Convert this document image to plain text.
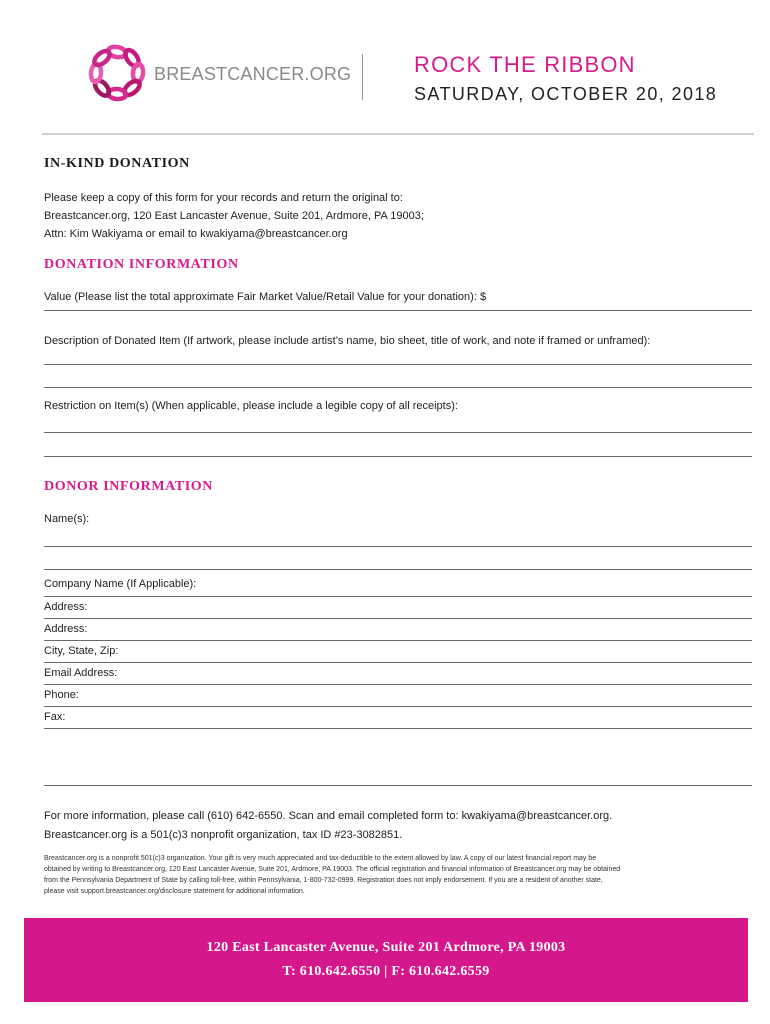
BREASTCANCER.ORG	ROCK THE RIBBON
SATURDAY, OCTOBER 20, 2018
IN-KIND DONATION
Please keep a copy of this form for your records and return the original to:
Breastcancer.org, 120 East Lancaster Avenue, Suite 201, Ardmore, PA 19003;
Attn: Kim Wakiyama or email to kwakiyama@breastcancer.org
DONATION INFORMATION
Value (Please list the total approximate Fair Market Value/Retail Value for your donation): $
Description of Donated Item (If artwork, please include artist’s name, bio sheet, title of work, and note if framed or unframed):
Restriction on Item(s) (When applicable, please include a legible copy of all receipts):
DONOR INFORMATION
Name(s):
Company Name (If Applicable):
Address:
Address:
City, State, Zip:
Email Address:
Phone:
Fax:
For more information, please call (610) 642-6550. Scan and email completed form to: kwakiyama@breastcancer.org.
Breastcancer.org is a 501(c)3 nonprofit organization, tax ID #23-3082851.
Breastcancer.org is a nonprofit 501(c)3 organization. Your gift is very much appreciated and tax-deductible to the extent allowed by law. A copy of our latest financial report may be
obtained by writing to Breastcancer.org, 120 East Lancaster Avenue, Suite 201, Ardmore, PA 19003. The official registration and financial information of Breastcancer.org may be obtained
from the Pennsylvania Department of State by calling toll-free, within Pennsylvania, 1-800-732-0999. Registration does not imply endorsement. If you are a resident of another state,
please visit support.breastcancer.org/disclosure statement for additional information.
120 East Lancaster Avenue, Suite 201 Ardmore, PA 19003
T: 610.642.6550 | F: 610.642.6559
